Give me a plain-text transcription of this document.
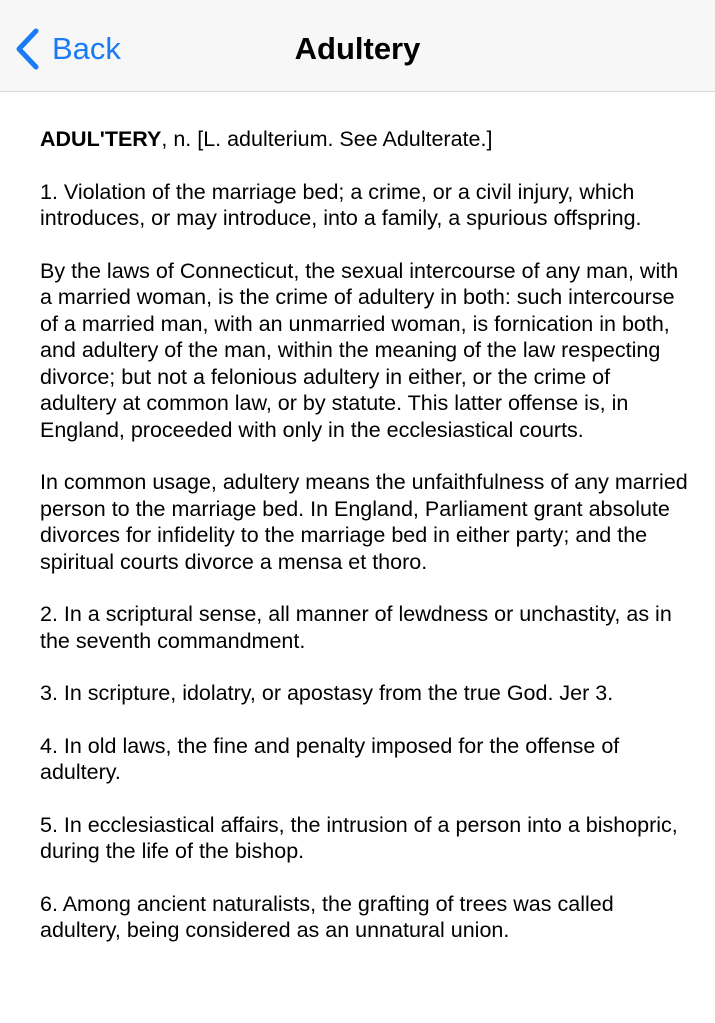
Back	Adultery

ADUL'TERY, n. [L. adulterium. See Adulterate.]

1. Violation of the marriage bed; a crime, or a civil injury, which introduces, or may introduce, into a family, a spurious offspring.

By the laws of Connecticut, the sexual intercourse of any man, with a married woman, is the crime of adultery in both: such intercourse of a married man, with an unmarried woman, is fornication in both, and adultery of the man, within the meaning of the law respecting divorce; but not a felonious adultery in either, or the crime of adultery at common law, or by statute. This latter offense is, in England, proceeded with only in the ecclesiastical courts.

In common usage, adultery means the unfaithfulness of any married person to the marriage bed. In England, Parliament grant absolute divorces for infidelity to the marriage bed in either party; and the spiritual courts divorce a mensa et thoro.

2. In a scriptural sense, all manner of lewdness or unchastity, as in the seventh commandment.

3. In scripture, idolatry, or apostasy from the true God. Jer 3.

4. In old laws, the fine and penalty imposed for the offense of adultery.

5. In ecclesiastical affairs, the intrusion of a person into a bishopric, during the life of the bishop.

6. Among ancient naturalists, the grafting of trees was called adultery, being considered as an unnatural union.
